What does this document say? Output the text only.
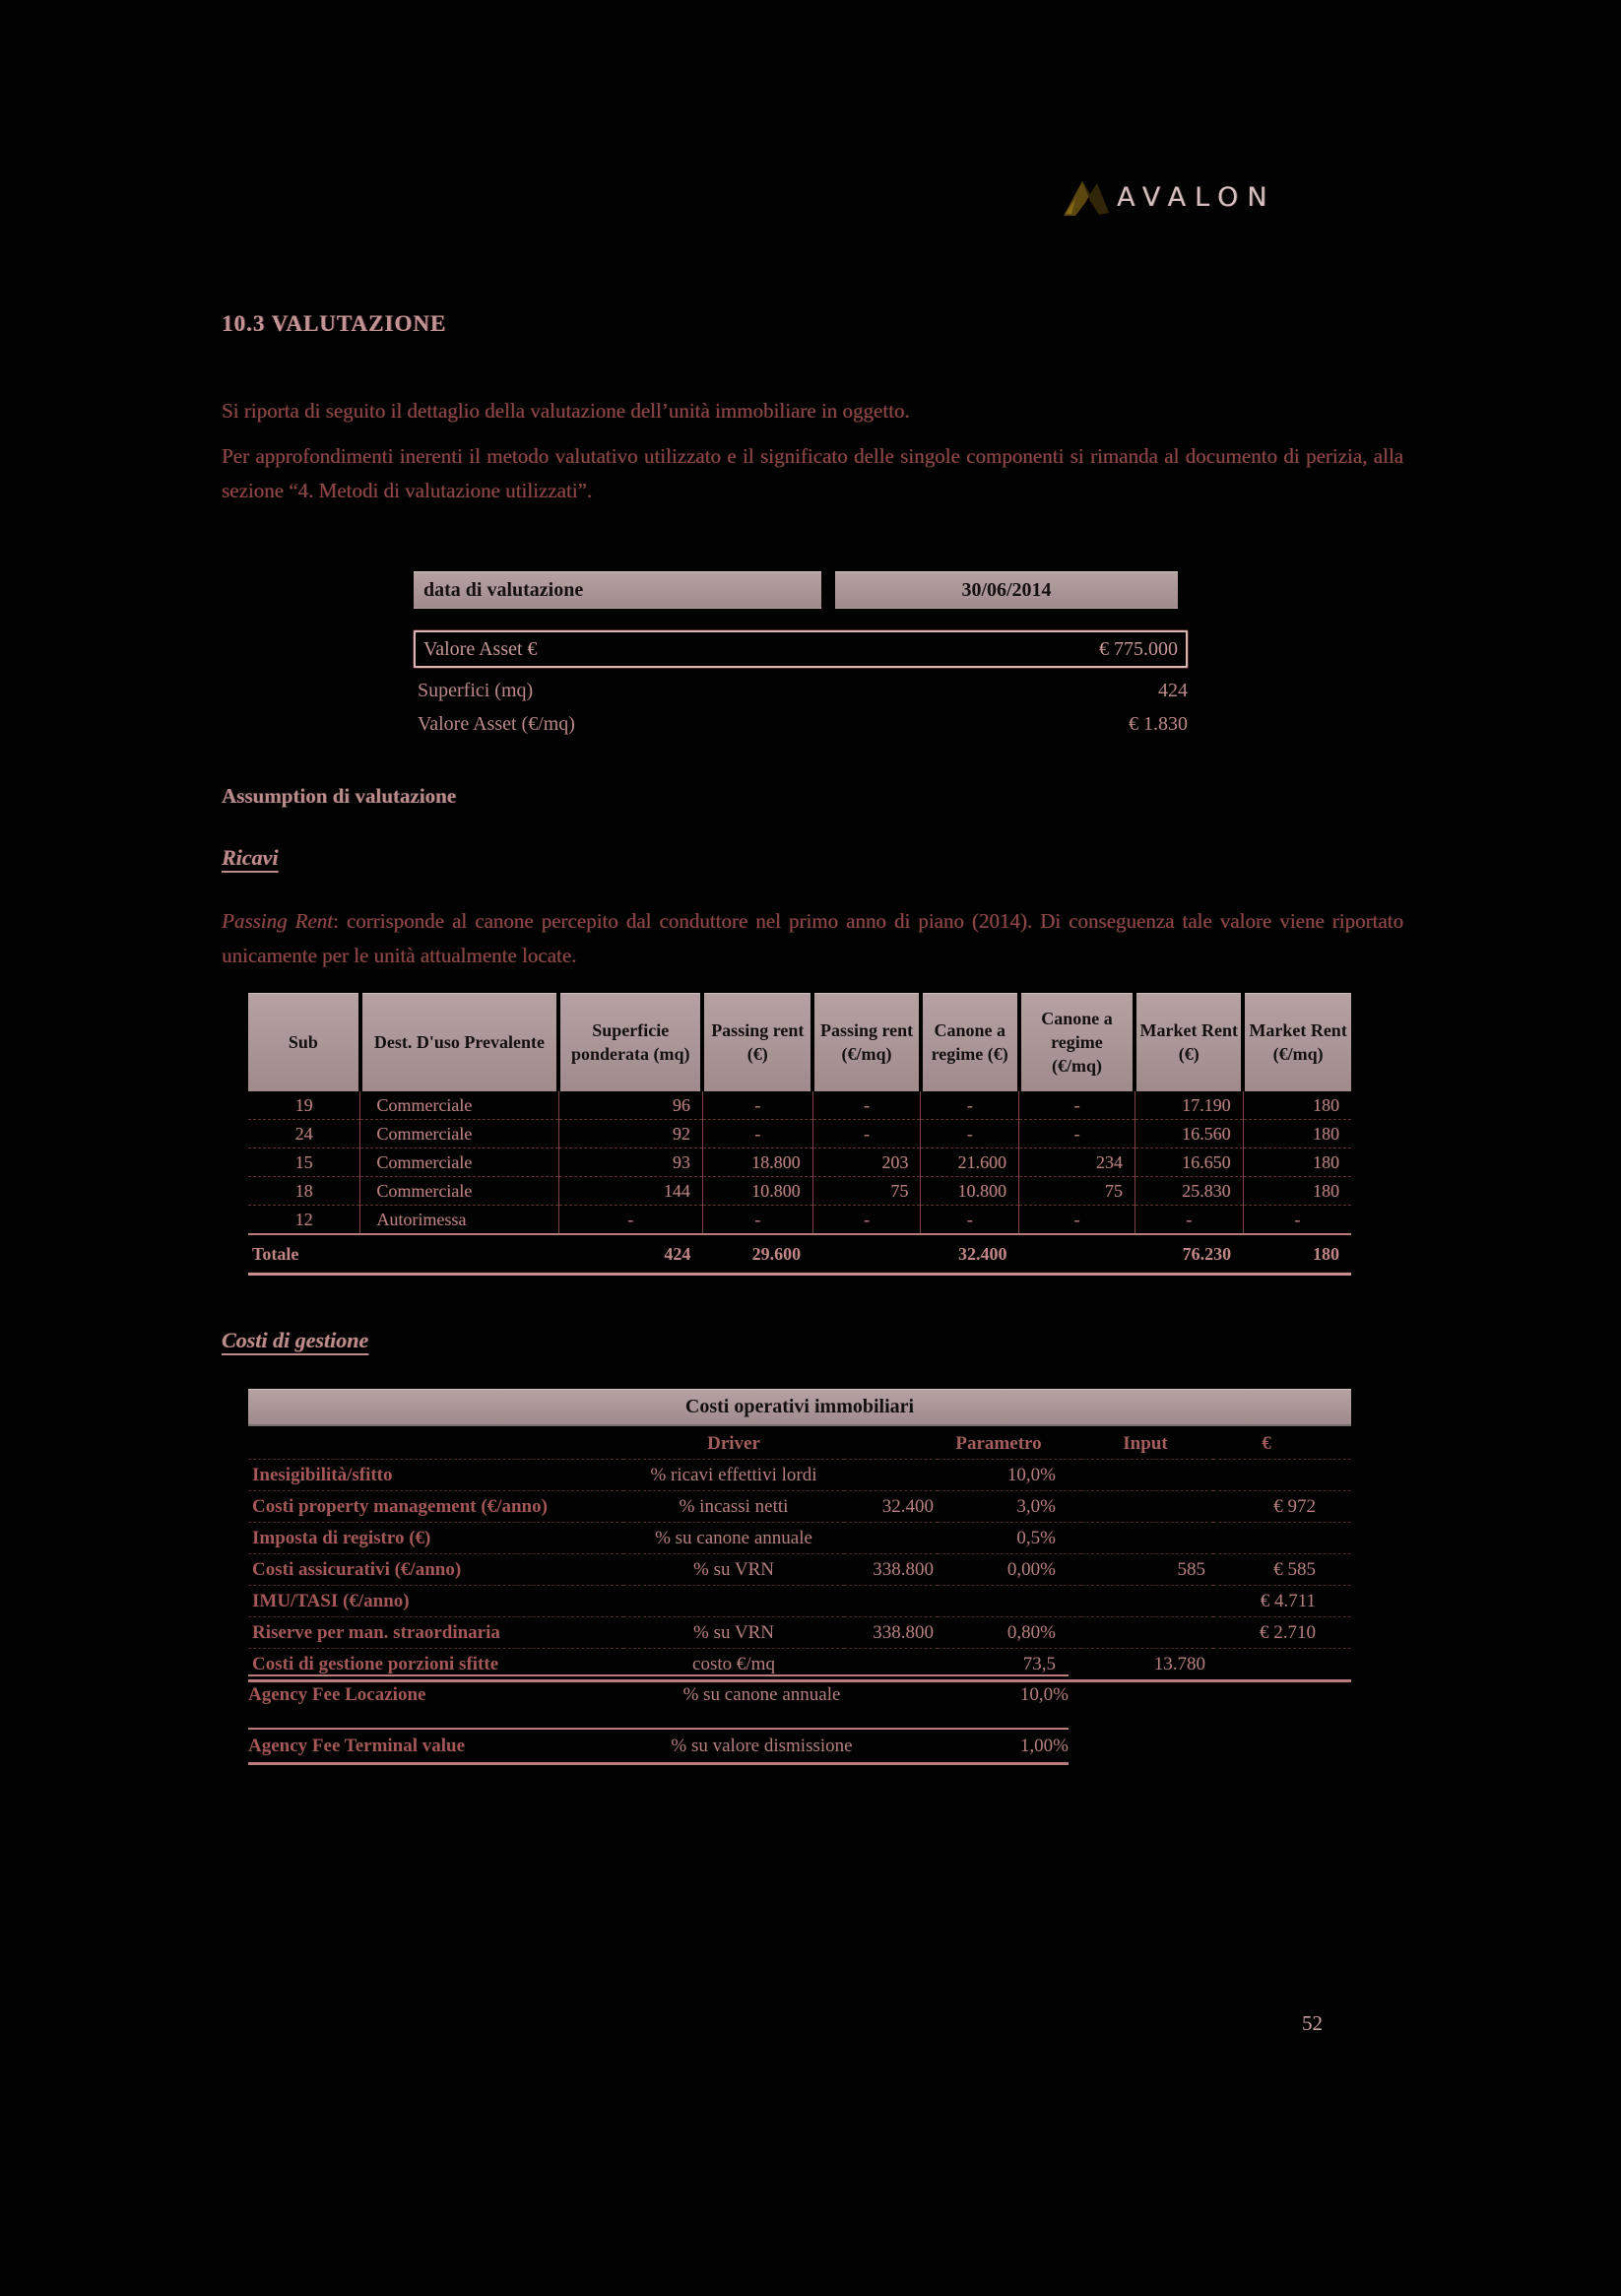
AVALON
10.3 VALUTAZIONE

Si riporta di seguito il dettaglio della valutazione dell’unità immobiliare in oggetto.

Per approfondimenti inerenti il metodo valutativo utilizzato e il significato delle singole componenti si rimanda al documento di perizia, alla sezione “4. Metodi di valutazione utilizzati”.

data di valutazione	30/06/2014
Valore Asset €	€ 775.000
Superfici (mq)	424
Valore Asset (€/mq)	€ 1.830
Assumption di valutazione
Ricavi

Passing Rent: corrisponde al canone percepito dal conduttore nel primo anno di piano (2014). Di conseguenza tale valore viene riportato unicamente per le unità attualmente locate.

Sub	Dest. D'uso Prevalente	Superficie ponderata (mq)	Passing rent (€)	Passing rent (€/mq)	Canone a regime (€)	Canone a regime (€/mq)	Market Rent (€)	Market Rent (€/mq)
19	Commerciale	96	-	-	-	-	17.190	180
24	Commerciale	92	-	-	-	-	16.560	180
15	Commerciale	93	18.800	203	21.600	234	16.650	180
18	Commerciale	144	10.800	75	10.800	75	25.830	180
12	Autorimessa	-	-	-	-	-	-	-
Totale		424	29.600		32.400		76.230	180
Costi di gestione
Costi operativi immobiliari
	Driver		Parametro	Input	€
Inesigibilità/sfitto	% ricavi effettivi lordi		10,0%		
Costi property management (€/anno)	% incassi netti	32.400	3,0%		€ 972
Imposta di registro (€)	% su canone annuale		0,5%		
Costi assicurativi (€/anno)	% su VRN	338.800	0,00%	585	€ 585
IMU/TASI (€/anno)					€ 4.711
Riserve per man. straordinaria	% su VRN	338.800	0,80%		€ 2.710
Costi di gestione porzioni sfitte	costo €/mq		73,5	13.780	
Agency Fee Locazione	% su canone annuale	10,0%
Agency Fee Terminal value	% su valore dismissione	1,00%
52
